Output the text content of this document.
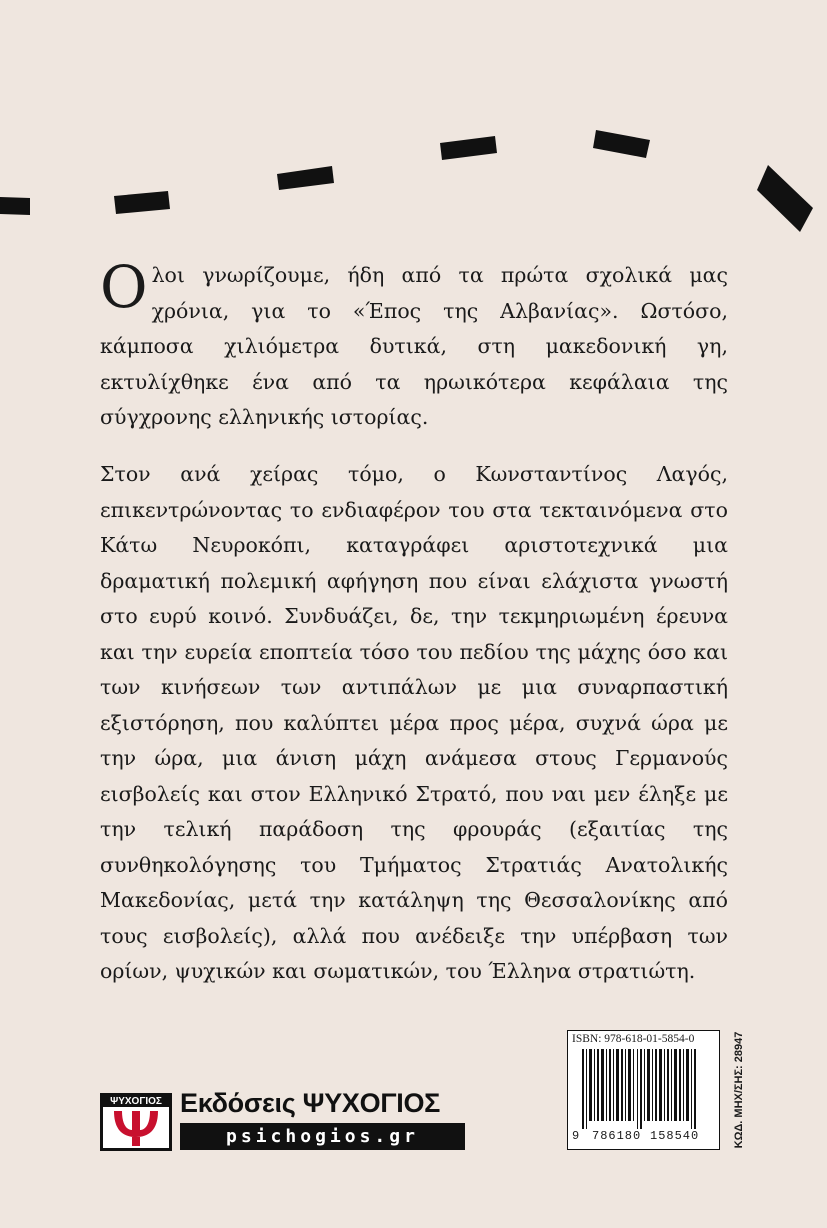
Ολοι γνωρίζουμε, ήδη από τα πρώτα σχολικά μας χρόνια, για το «Έπος της Αλβανίας». Ωστόσο, κάμποσα χιλιόμετρα δυτικά, στη μακεδονική γη, εκτυλίχθηκε ένα από τα ηρωικότερα κεφάλαια της σύγχρονης ελληνικής ιστορίας.

Στον ανά χείρας τόμο, ο Κωνσταντίνος Λαγός, επικεντρώνοντας το ενδιαφέρον του στα τεκταινόμενα στο Κάτω Νευροκόπι, καταγράφει αριστοτεχνικά μια δραματική πολεμική αφήγηση που είναι ελάχιστα γνωστή στο ευρύ κοινό. Συνδυάζει, δε, την τεκμηριωμένη έρευνα και την ευρεία εποπτεία τόσο του πεδίου της μάχης όσο και των κινήσεων των αντιπάλων με μια συναρπαστική εξιστόρηση, που καλύπτει μέρα προς μέρα, συχνά ώρα με την ώρα, μια άνιση μάχη ανάμεσα στους Γερμανούς εισβολείς και στον Ελληνικό Στρατό, που ναι μεν έληξε με την τελική παράδοση της φρουράς (εξαιτίας της συνθηκολόγησης του Τμήματος Στρατιάς Ανατολικής Μακεδονίας, μετά την κατάληψη της Θεσσαλονίκης από τους εισβολείς), αλλά που ανέδειξε την υπέρβαση των ορίων, ψυχικών και σωματικών, του Έλληνα στρατιώτη.

ISBN: 978-618-01-5854-0
9 786180 158540	ΚΩΔ. ΜΗΧ/ΣΗΣ: 28947
ΨΥΧΟΓΙΟΣ Εκδόσεις ΨΥΧΟΓΙΟΣ
psichogios.gr
